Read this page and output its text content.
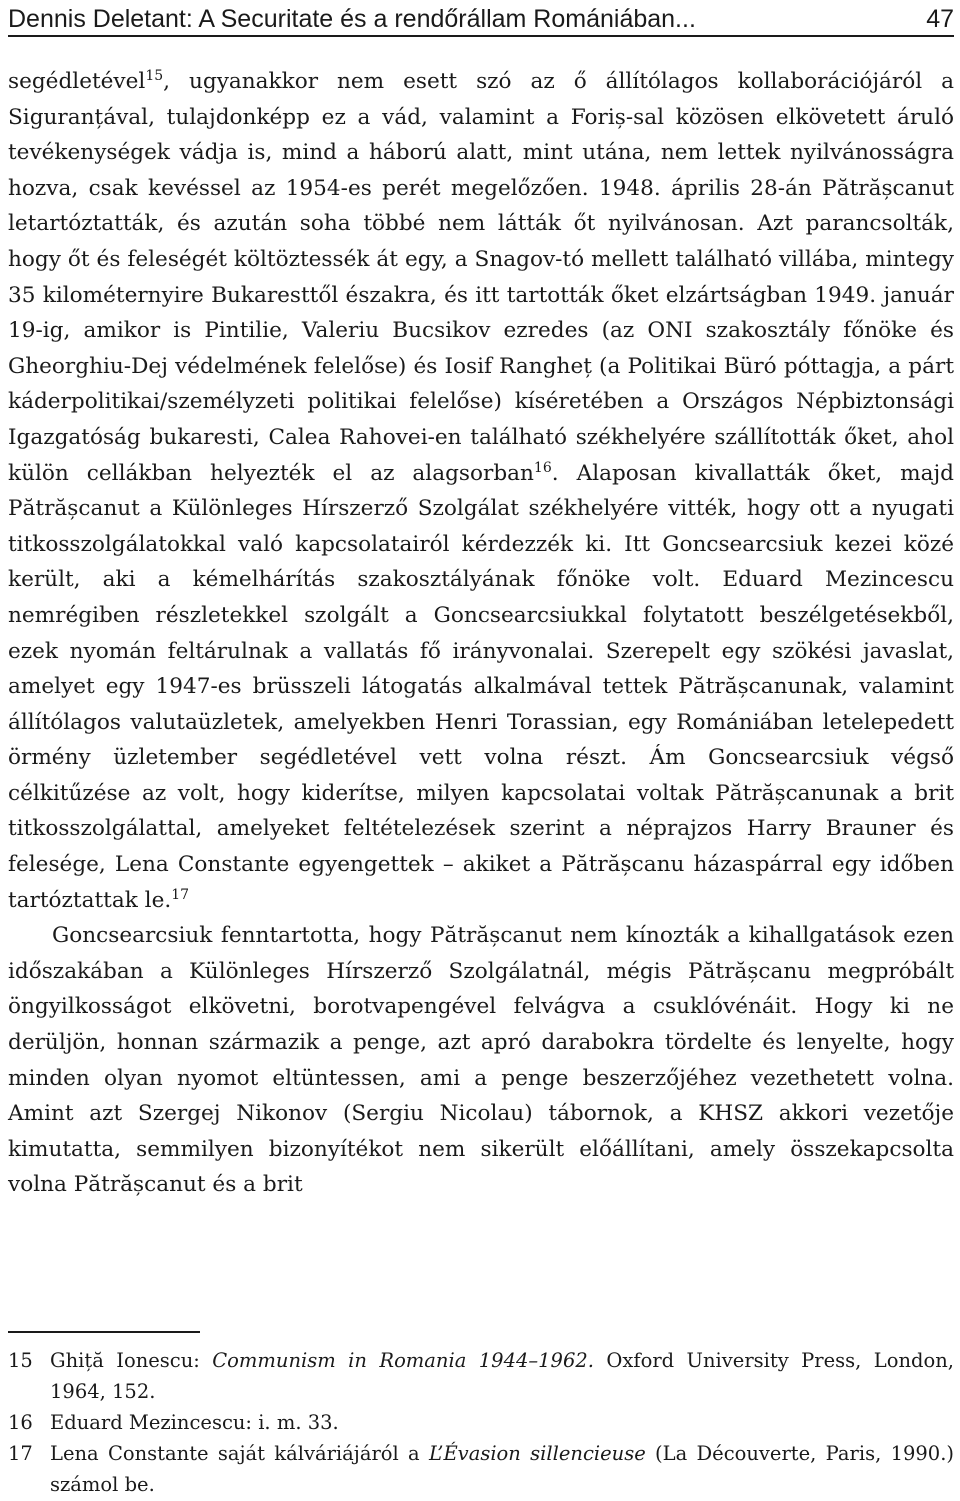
Dennis Deletant: A Securitate és a rendőrállam Romániában...	47

segédletével$^{15}$, ugyanakkor nem esett szó az ő állítólagos kollaborációjáról a Siguranțával, tulajdonképp ez a vád, valamint a Foriș-sal közösen elkövetett áruló tevékenységek vádja is, mind a háború alatt, mint utána, nem lettek nyilvánosságra hozva, csak kevéssel az 1954-es perét megelőzően. 1948. április 28-án Pătrășcanut letartóztatták, és azután soha többé nem látták őt nyilvánosan. Azt parancsolták, hogy őt és feleségét költöztessék át egy, a Snagov-tó mellett található villába, mintegy 35 kilométernyire Bukaresttől északra, és itt tartották őket elzártságban 1949. január 19-ig, amikor is Pintilie, Valeriu Bucsikov ezredes (az ONI szakosztály főnöke és Gheorghiu-Dej védelmének felelőse) és Iosif Rangheț (a Politikai Büró póttagja, a párt káderpolitikai/személyzeti politikai felelőse) kíséretében a Országos Népbiztonsági Igazgatóság bukaresti, Calea Rahovei-en található székhelyére szállították őket, ahol külön cellákban helyezték el az alagsorban$^{16}$. Alaposan kivallatták őket, majd Pătrășcanut a Különleges Hírszerző Szolgálat székhelyére vitték, hogy ott a nyugati titkosszolgálatokkal való kapcsolatairól kérdezzék ki. Itt Goncsearcsiuk kezei közé került, aki a kémelhárítás szakosztályának főnöke volt. Eduard Mezincescu nemrégiben részletekkel szolgált a Goncsearcsiukkal folytatott beszélgetésekből, ezek nyomán feltárulnak a vallatás fő irányvonalai. Szerepelt egy szökési javaslat, amelyet egy 1947-es brüsszeli látogatás alkalmával tettek Pătrășcanunak, valamint állítólagos valutaüzletek, amelyekben Henri Torassian, egy Romániában letelepedett örmény üzletember segédletével vett volna részt. Ám Goncsearcsiuk végső célkitűzése az volt, hogy kiderítse, milyen kapcsolatai voltak Pătrășcanunak a brit titkosszolgálattal, amelyeket feltételezések szerint a néprajzos Harry Brauner és felesége, Lena Constante egyengettek – akiket a Pătrășcanu házaspárral egy időben tartóztattak le.$^{17}$

Goncsearcsiuk fenntartotta, hogy Pătrășcanut nem kínozták a kihallgatások ezen időszakában a Különleges Hírszerző Szolgálatnál, mégis Pătrășcanu megpróbált öngyilkosságot elkövetni, borotvapengével felvágva a csuklóvénáit. Hogy ki ne derüljön, honnan származik a penge, azt apró darabokra tördelte és lenyelte, hogy minden olyan nyomot eltüntessen, ami a penge beszerzőjéhez vezethetett volna. Amint azt Szergej Nikonov (Sergiu Nicolau) tábornok, a KHSZ akkori vezetője kimutatta, semmilyen bizonyítékot nem sikerült előállítani, amely összekapcsolta volna Pătrășcanut és a brit

15 Ghiță Ionescu: Communism in Romania 1944–1962. Oxford University Press, London, 1964, 152.
16 Eduard Mezincescu: i. m. 33.
17 Lena Constante saját kálváriájáról a L’Évasion sillencieuse (La Découverte, Paris, 1990.) számol be.
